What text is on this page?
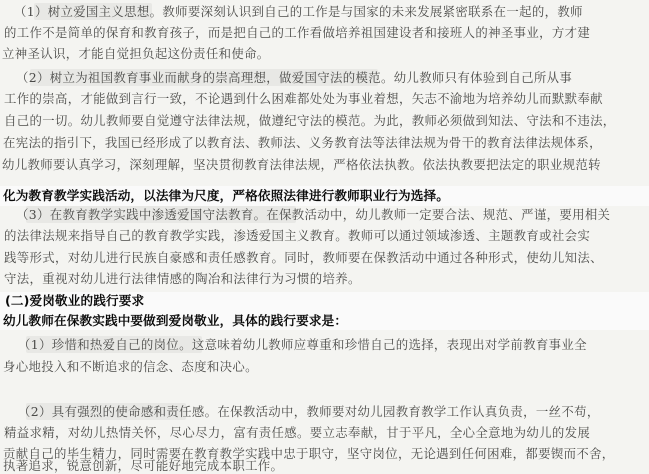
（1）树立爱国主义思想。教师要深刻认识到自己的工作是与国家的未来发展紧密联系在一起的，教师
的工作不是简单的保育和教育孩子，而是把自己的工作看做培养祖国建设者和接班人的神圣事业，方才建
立神圣认识，才能自觉担负起这份责任和使命。
（2）树立为祖国教育事业而献身的崇高理想，做爱国守法的模范。幼儿教师只有体验到自己所从事
工作的崇高，才能做到言行一致，不论遇到什么困难都处处为事业着想，矢志不渝地为培养幼儿而默默奉献
自己的一切。幼儿教师要自觉遵守法律法规，做遵纪守法的模范。为此，教师必须做到知法、守法和不违法，
在宪法的指引下，我国已经形成了以教育法、教师法、义务教育法等法律法规为骨干的教育法律法规体系，
幼儿教师要认真学习，深刻理解，坚决贯彻教育法律法规，严格依法执教。依法执教要把法定的职业规范转
化为教育教学实践活动，以法律为尺度，严格依照法律进行教师职业行为选择。
（3）在教育教学实践中渗透爱国守法教育。在保教活动中，幼儿教师一定要合法、规范、严谨，要用相关
的法律法规来指导自己的教育教学实践，渗透爱国主义教育。教师可以通过领域渗透、主题教育或社会实
践等形式，对幼儿进行民族自豪感和责任感教育。同时，教师要在保教活动中通过各种形式，使幼儿知法、
守法，重视对幼儿进行法律情感的陶冶和法律行为习惯的培养。
(二)爱岗敬业的践行要求
幼儿教师在保教实践中要做到爱岗敬业，具体的践行要求是：
（1）珍惜和热爱自己的岗位。这意味着幼儿教师应尊重和珍惜自己的选择，表现出对学前教育事业全
身心地投入和不断追求的信念、态度和决心。
（2）具有强烈的使命感和责任感。在保教活动中，教师要对幼儿园教育教学工作认真负责，一丝不苟，
精益求精，对幼儿热情关怀，尽心尽力，富有责任感。要立志奉献，甘于平凡，全心全意地为幼儿的发展
贡献自己的毕生精力，同时需要在教育教学实践中忠于职守，坚守岗位，无论遇到任何困难，都要锲而不舍，
执著追求，锐意创新，尽可能好地完成本职工作。
